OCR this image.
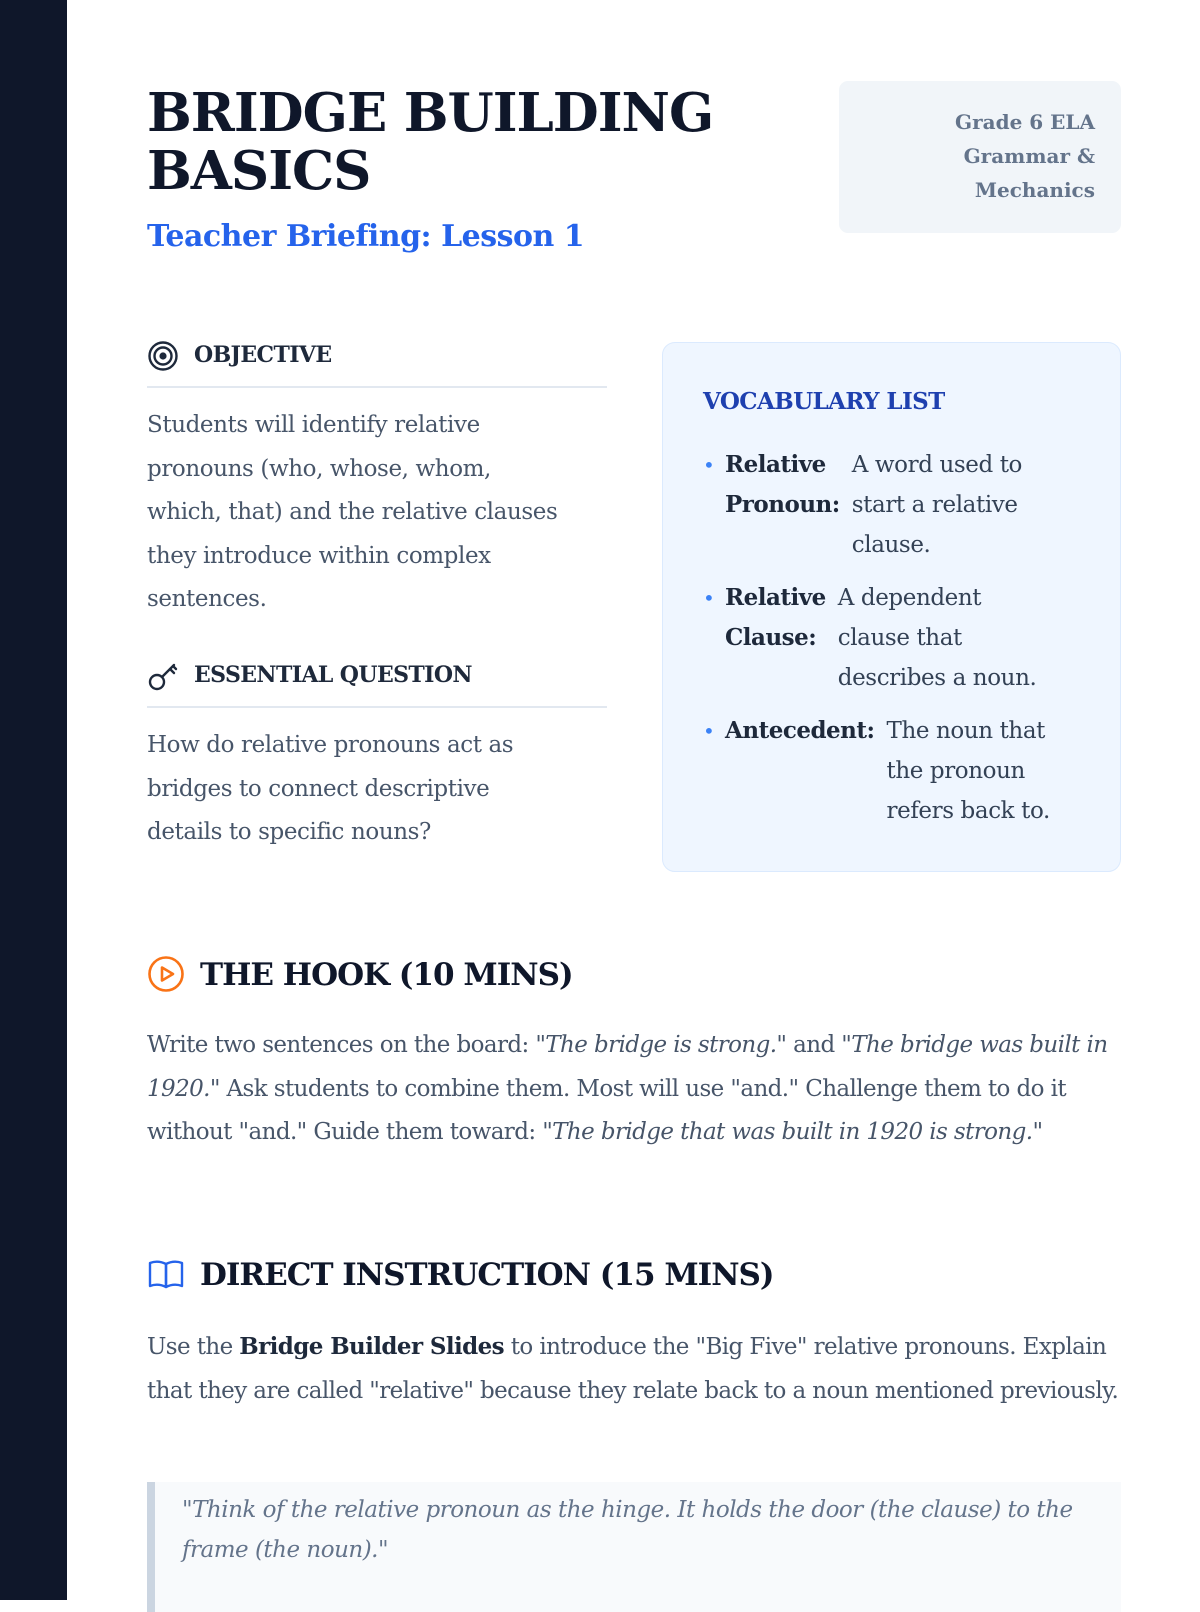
BRIDGE BUILDING
BASICS
Teacher Briefing: Lesson 1
Grade 6 ELA
Grammar &
Mechanics
OBJECTIVE

Students will identify relative
pronouns (who, whose, whom,
which, that) and the relative clauses
they introduce within complex
sentences.

ESSENTIAL QUESTION

How do relative pronouns act as
bridges to connect descriptive
details to specific nouns?

VOCABULARY LIST
• Relative
Pronoun:
A word used to
start a relative
clause.
• Relative
Clause:
A dependent
clause that
describes a noun.
• Antecedent: The noun that
the pronoun
refers back to.
THE HOOK (10 MINS)

Write two sentences on the board: "The bridge is strong." and "The bridge was built in 1920." Ask students to combine them. Most will use "and." Challenge them to do it without "and." Guide them toward: "The bridge that was built in 1920 is strong."

DIRECT INSTRUCTION (15 MINS)

Use the Bridge Builder Slides to introduce the "Big Five" relative pronouns. Explain that they are called "relative" because they relate back to a noun mentioned previously.

"Think of the relative pronoun as the hinge. It holds the door (the clause) to the frame (the noun)."
